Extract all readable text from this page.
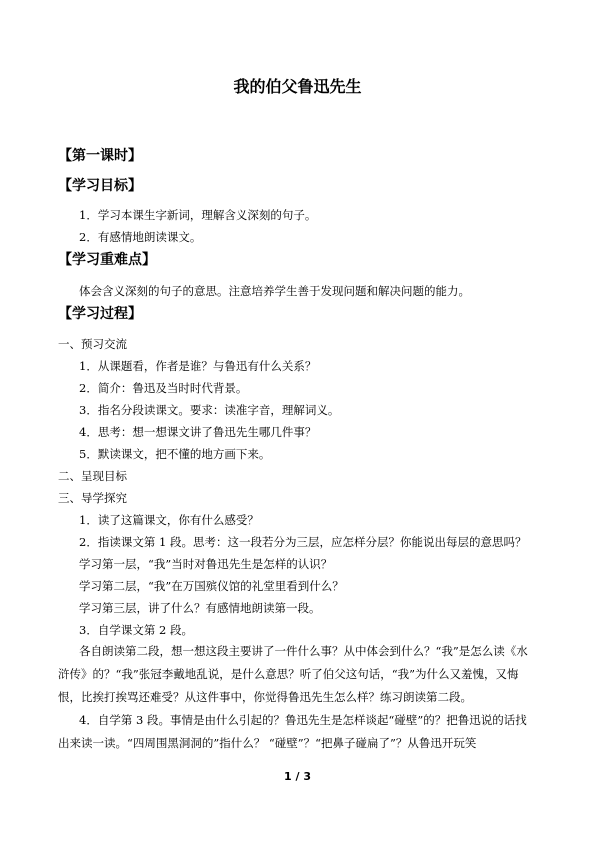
我的伯父鲁迅先生
【第一课时】
【学习目标】
1．学习本课生字新词，理解含义深刻的句子。
2．有感情地朗读课文。
【学习重难点】
体会含义深刻的句子的意思。注意培养学生善于发现问题和解决问题的能力。
【学习过程】
一、预习交流
1．从课题看，作者是谁？与鲁迅有什么关系？
2．简介：鲁迅及当时时代背景。
3．指名分段读课文。要求：读准字音，理解词义。
4．思考：想一想课文讲了鲁迅先生哪几件事？
5．默读课文，把不懂的地方画下来。
二、呈现目标
三、导学探究
1．读了这篇课文，你有什么感受？
2．指读课文第 1 段。思考：这一段若分为三层，应怎样分层？你能说出每层的意思吗？
学习第一层，“我”当时对鲁迅先生是怎样的认识？
学习第二层，“我”在万国殡仪馆的礼堂里看到什么？
学习第三层，讲了什么？有感情地朗读第一段。
3．自学课文第 2 段。
各自朗读第二段，想一想这段主要讲了一件什么事？从中体会到什么？“我”是怎么读《水浒传》的？“我”张冠李戴地乱说，是什么意思？听了伯父这句话，“我”为什么又羞愧，又悔恨，比挨打挨骂还难受？从这件事中，你觉得鲁迅先生怎么样？练习朗读第二段。
4．自学第 3 段。事情是由什么引起的？鲁迅先生是怎样谈起“碰壁”的？把鲁迅说的话找出来读一读。“四周围黑洞洞的”指什么？ “碰壁”？“把鼻子碰扁了”？从鲁迅开玩笑
1 / 3
